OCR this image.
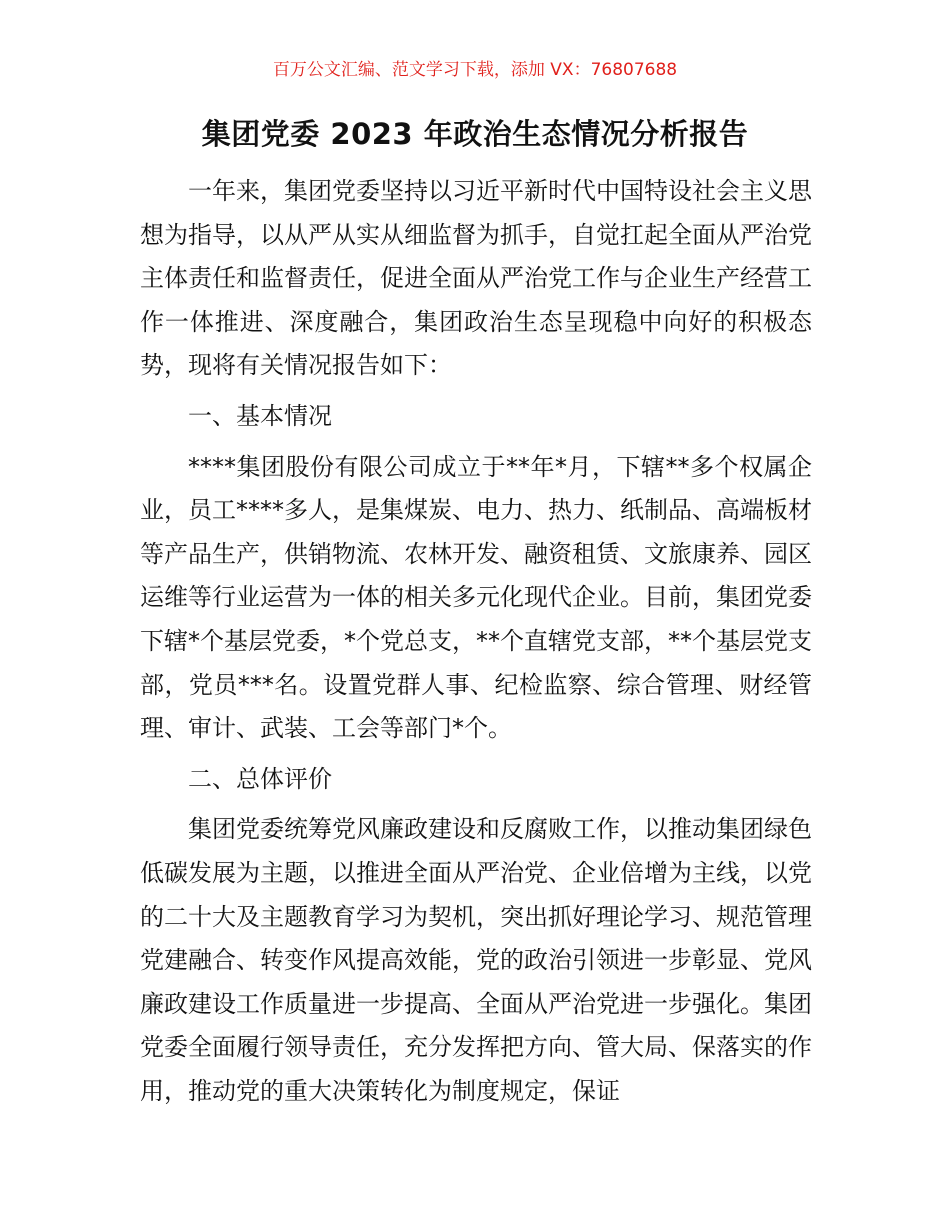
百万公文汇编、范文学习下载，添加 VX：76807688
集团党委 2023 年政治生态情况分析报告

一年来，集团党委坚持以习近平新时代中国特设社会主义思想为指导，以从严从实从细监督为抓手，自觉扛起全面从严治党主体责任和监督责任，促进全面从严治党工作与企业生产经营工作一体推进、深度融合，集团政治生态呈现稳中向好的积极态势，现将有关情况报告如下：

一、基本情况

****集团股份有限公司成立于**年*月，下辖**多个权属企业，员工****多人，是集煤炭、电力、热力、纸制品、高端板材等产品生产，供销物流、农林开发、融资租赁、文旅康养、园区运维等行业运营为一体的相关多元化现代企业。目前，集团党委下辖*个基层党委，*个党总支，**个直辖党支部，**个基层党支部，党员***名。设置党群人事、纪检监察、综合管理、财经管理、审计、武装、工会等部门*个。

二、总体评价

集团党委统筹党风廉政建设和反腐败工作，以推动集团绿色低碳发展为主题，以推进全面从严治党、企业倍增为主线，以党的二十大及主题教育学习为契机，突出抓好理论学习、规范管理党建融合、转变作风提高效能，党的政治引领进一步彰显、党风廉政建设工作质量进一步提高、全面从严治党进一步强化。集团党委全面履行领导责任，充分发挥把方向、管大局、保落实的作用，推动党的重大决策转化为制度规定，保证
